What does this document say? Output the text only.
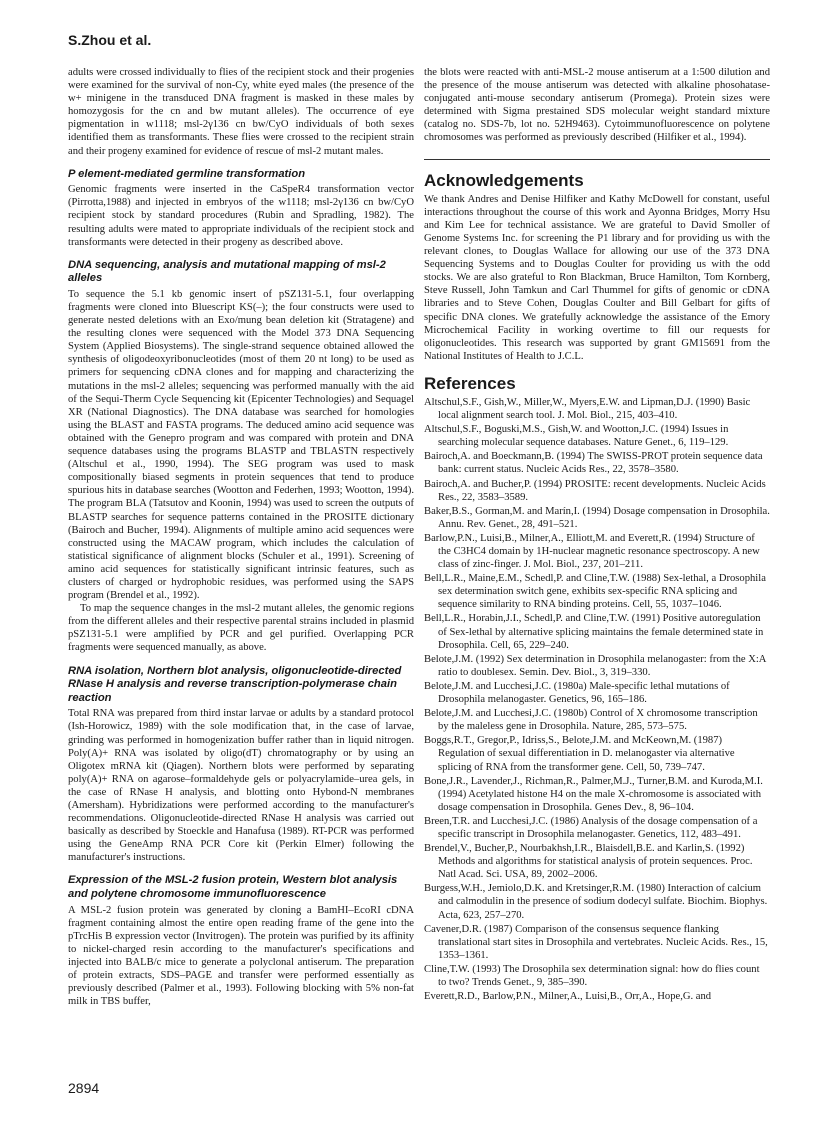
S.Zhou et al.

adults were crossed individually to flies of the recipient stock and their progenies were examined for the survival of non-Cy, white eyed males (the presence of the w+ minigene in the transduced DNA fragment is masked in these males by homozygosis for the cn and bw mutant alleles). The occurrence of eye pigmentation in w1118; msl-2γ136 cn bw/CyO individuals of both sexes identified them as transformants. These flies were crossed to the recipient strain and their progeny examined for evidence of rescue of msl-2 mutant males.

P element-mediated germline transformation

Genomic fragments were inserted in the CaSpeR4 transformation vector (Pirrotta,1988) and injected in embryos of the w1118; msl-2γ136 cn bw/CyO recipient stock by standard procedures (Rubin and Spradling, 1982). The resulting adults were mated to appropriate individuals of the recipient stock and transformants were detected in their progeny as described above.

DNA sequencing, analysis and mutational mapping of msl-2 alleles

To sequence the 5.1 kb genomic insert of pSZ131-5.1, four overlapping fragments were cloned into Bluescript KS(–); the four constructs were used to generate nested deletions with an Exo/mung bean deletion kit (Stratagene) and the resulting clones were sequenced with the Model 373 DNA Sequencing System (Applied Biosystems). The single-strand sequence obtained allowed the synthesis of oligodeoxyribonucleotides (most of them 20 nt long) to be used as primers for sequencing cDNA clones and for mapping and characterizing the mutations in the msl-2 alleles; sequencing was performed manually with the aid of the Sequi-Therm Cycle Sequencing kit (Epicenter Technologies) and Sequagel XR (National Diagnostics). The DNA database was searched for homologies using the BLAST and FASTA programs. The deduced amino acid sequence was obtained with the Genepro program and was compared with protein and DNA sequence databases using the programs BLASTP and TBLASTN respectively (Altschul et al., 1990, 1994). The SEG program was used to mask compositionally biased segments in protein sequences that tend to produce spurious hits in database searches (Wootton and Federhen, 1993; Wootton, 1994). The program BLA (Tatsutov and Koonin, 1994) was used to screen the outputs of BLASTP searches for sequence patterns contained in the PROSITE dictionary (Bairoch and Bucher, 1994). Alignments of multiple amino acid sequences were constructed using the MACAW program, which includes the calculation of statistical significance of alignment blocks (Schuler et al., 1991). Screening of amino acid sequences for statistically significant intrinsic features, such as clusters of charged or hydrophobic residues, was performed using the SAPS program (Brendel et al., 1992).

To map the sequence changes in the msl-2 mutant alleles, the genomic regions from the different alleles and their respective parental strains included in plasmid pSZ131-5.1 were amplified by PCR and gel purified. Overlapping PCR fragments were sequenced manually, as above.

RNA isolation, Northern blot analysis, oligonucleotide-directed RNase H analysis and reverse transcription-polymerase chain reaction

Total RNA was prepared from third instar larvae or adults by a standard protocol (Ish-Horowicz, 1989) with the sole modification that, in the case of larvae, grinding was performed in homogenization buffer rather than in liquid nitrogen. Poly(A)+ RNA was isolated by oligo(dT) chromatography or by using an Oligotex mRNA kit (Qiagen). Northern blots were performed by separating poly(A)+ RNA on agarose–formaldehyde gels or polyacrylamide–urea gels, in the case of RNase H analysis, and blotting onto Hybond-N membranes (Amersham). Hybridizations were performed according to the manufacturer's recommendations. Oligonucleotide-directed RNase H analysis was carried out basically as described by Stoeckle and Hanafusa (1989). RT-PCR was performed using the GeneAmp RNA PCR Core kit (Perkin Elmer) following the manufacturer's instructions.

Expression of the MSL-2 fusion protein, Western blot analysis and polytene chromosome immunofluorescence

A MSL-2 fusion protein was generated by cloning a BamHI–EcoRI cDNA fragment containing almost the entire open reading frame of the gene into the pTrcHis B expression vector (Invitrogen). The protein was purified by its affinity to nickel-charged resin according to the manufacturer's specifications and injected into BALB/c mice to generate a polyclonal antiserum. The preparation of protein extracts, SDS–PAGE and transfer were performed essentially as previously described (Palmer et al., 1993). Following blocking with 5% non-fat milk in TBS buffer,

the blots were reacted with anti-MSL-2 mouse antiserum at a 1:500 dilution and the presence of the mouse antiserum was detected with alkaline phosohatase-conjugated anti-mouse secondary antiserum (Promega). Protein sizes were determined with Sigma prestained SDS molecular weight standard mixture (catalog no. SDS-7b, lot no. 52H9463). Cytoimmunofluorescence on polytene chromosomes was performed as previously described (Hilfiker et al., 1994).

Acknowledgements

We thank Andres and Denise Hilfiker and Kathy McDowell for constant, useful interactions throughout the course of this work and Ayonna Bridges, Morry Hsu and Kim Lee for technical assistance. We are grateful to David Smoller of Genome Systems Inc. for screening the P1 library and for providing us with the relevant clones, to Douglas Wallace for allowing our use of the 373 DNA Sequencing Systems and to Douglas Coulter for providing us with the odd stocks. We are also grateful to Ron Blackman, Bruce Hamilton, Tom Kornberg, Steve Russell, John Tamkun and Carl Thummel for gifts of genomic or cDNA libraries and to Steve Cohen, Douglas Coulter and Bill Gelbart for gifts of specific DNA clones. We gratefully acknowledge the assistance of the Emory Microchemical Facility in working overtime to fill our requests for oligonucleotides. This research was supported by grant GM15691 from the National Institutes of Health to J.C.L.

References

Altschul,S.F., Gish,W., Miller,W., Myers,E.W. and Lipman,D.J. (1990) Basic local alignment search tool. J. Mol. Biol., 215, 403–410.

Altschul,S.F., Boguski,M.S., Gish,W. and Wootton,J.C. (1994) Issues in searching molecular sequence databases. Nature Genet., 6, 119–129.

Bairoch,A. and Boeckmann,B. (1994) The SWISS-PROT protein sequence data bank: current status. Nucleic Acids Res., 22, 3578–3580.

Bairoch,A. and Bucher,P. (1994) PROSITE: recent developments. Nucleic Acids Res., 22, 3583–3589.

Baker,B.S., Gorman,M. and Marín,I. (1994) Dosage compensation in Drosophila. Annu. Rev. Genet., 28, 491–521.

Barlow,P.N., Luisi,B., Milner,A., Elliott,M. and Everett,R. (1994) Structure of the C3HC4 domain by 1H-nuclear magnetic resonance spectroscopy. A new class of zinc-finger. J. Mol. Biol., 237, 201–211.

Bell,L.R., Maine,E.M., Schedl,P. and Cline,T.W. (1988) Sex-lethal, a Drosophila sex determination switch gene, exhibits sex-specific RNA splicing and sequence similarity to RNA binding proteins. Cell, 55, 1037–1046.

Bell,L.R., Horabin,J.I., Schedl,P. and Cline,T.W. (1991) Positive autoregulation of Sex-lethal by alternative splicing maintains the female determined state in Drosophila. Cell, 65, 229–240.

Belote,J.M. (1992) Sex determination in Drosophila melanogaster: from the X:A ratio to doublesex. Semin. Dev. Biol., 3, 319–330.

Belote,J.M. and Lucchesi,J.C. (1980a) Male-specific lethal mutations of Drosophila melanogaster. Genetics, 96, 165–186.

Belote,J.M. and Lucchesi,J.C. (1980b) Control of X chromosome transcription by the maleless gene in Drosophila. Nature, 285, 573–575.

Boggs,R.T., Gregor,P., Idriss,S., Belote,J.M. and McKeown,M. (1987) Regulation of sexual differentiation in D. melanogaster via alternative splicing of RNA from the transformer gene. Cell, 50, 739–747.

Bone,J.R., Lavender,J., Richman,R., Palmer,M.J., Turner,B.M. and Kuroda,M.I. (1994) Acetylated histone H4 on the male X-chromosome is associated with dosage compensation in Drosophila. Genes Dev., 8, 96–104.

Breen,T.R. and Lucchesi,J.C. (1986) Analysis of the dosage compensation of a specific transcript in Drosophila melanogaster. Genetics, 112, 483–491.

Brendel,V., Bucher,P., Nourbakhsh,I.R., Blaisdell,B.E. and Karlin,S. (1992) Methods and algorithms for statistical analysis of protein sequences. Proc. Natl Acad. Sci. USA, 89, 2002–2006.

Burgess,W.H., Jemiolo,D.K. and Kretsinger,R.M. (1980) Interaction of calcium and calmodulin in the presence of sodium dodecyl sulfate. Biochim. Biophys. Acta, 623, 257–270.

Cavener,D.R. (1987) Comparison of the consensus sequence flanking translational start sites in Drosophila and vertebrates. Nucleic Acids. Res., 15, 1353–1361.

Cline,T.W. (1993) The Drosophila sex determination signal: how do flies count to two? Trends Genet., 9, 385–390.

Everett,R.D., Barlow,P.N., Milner,A., Luisi,B., Orr,A., Hope,G. and

2894
